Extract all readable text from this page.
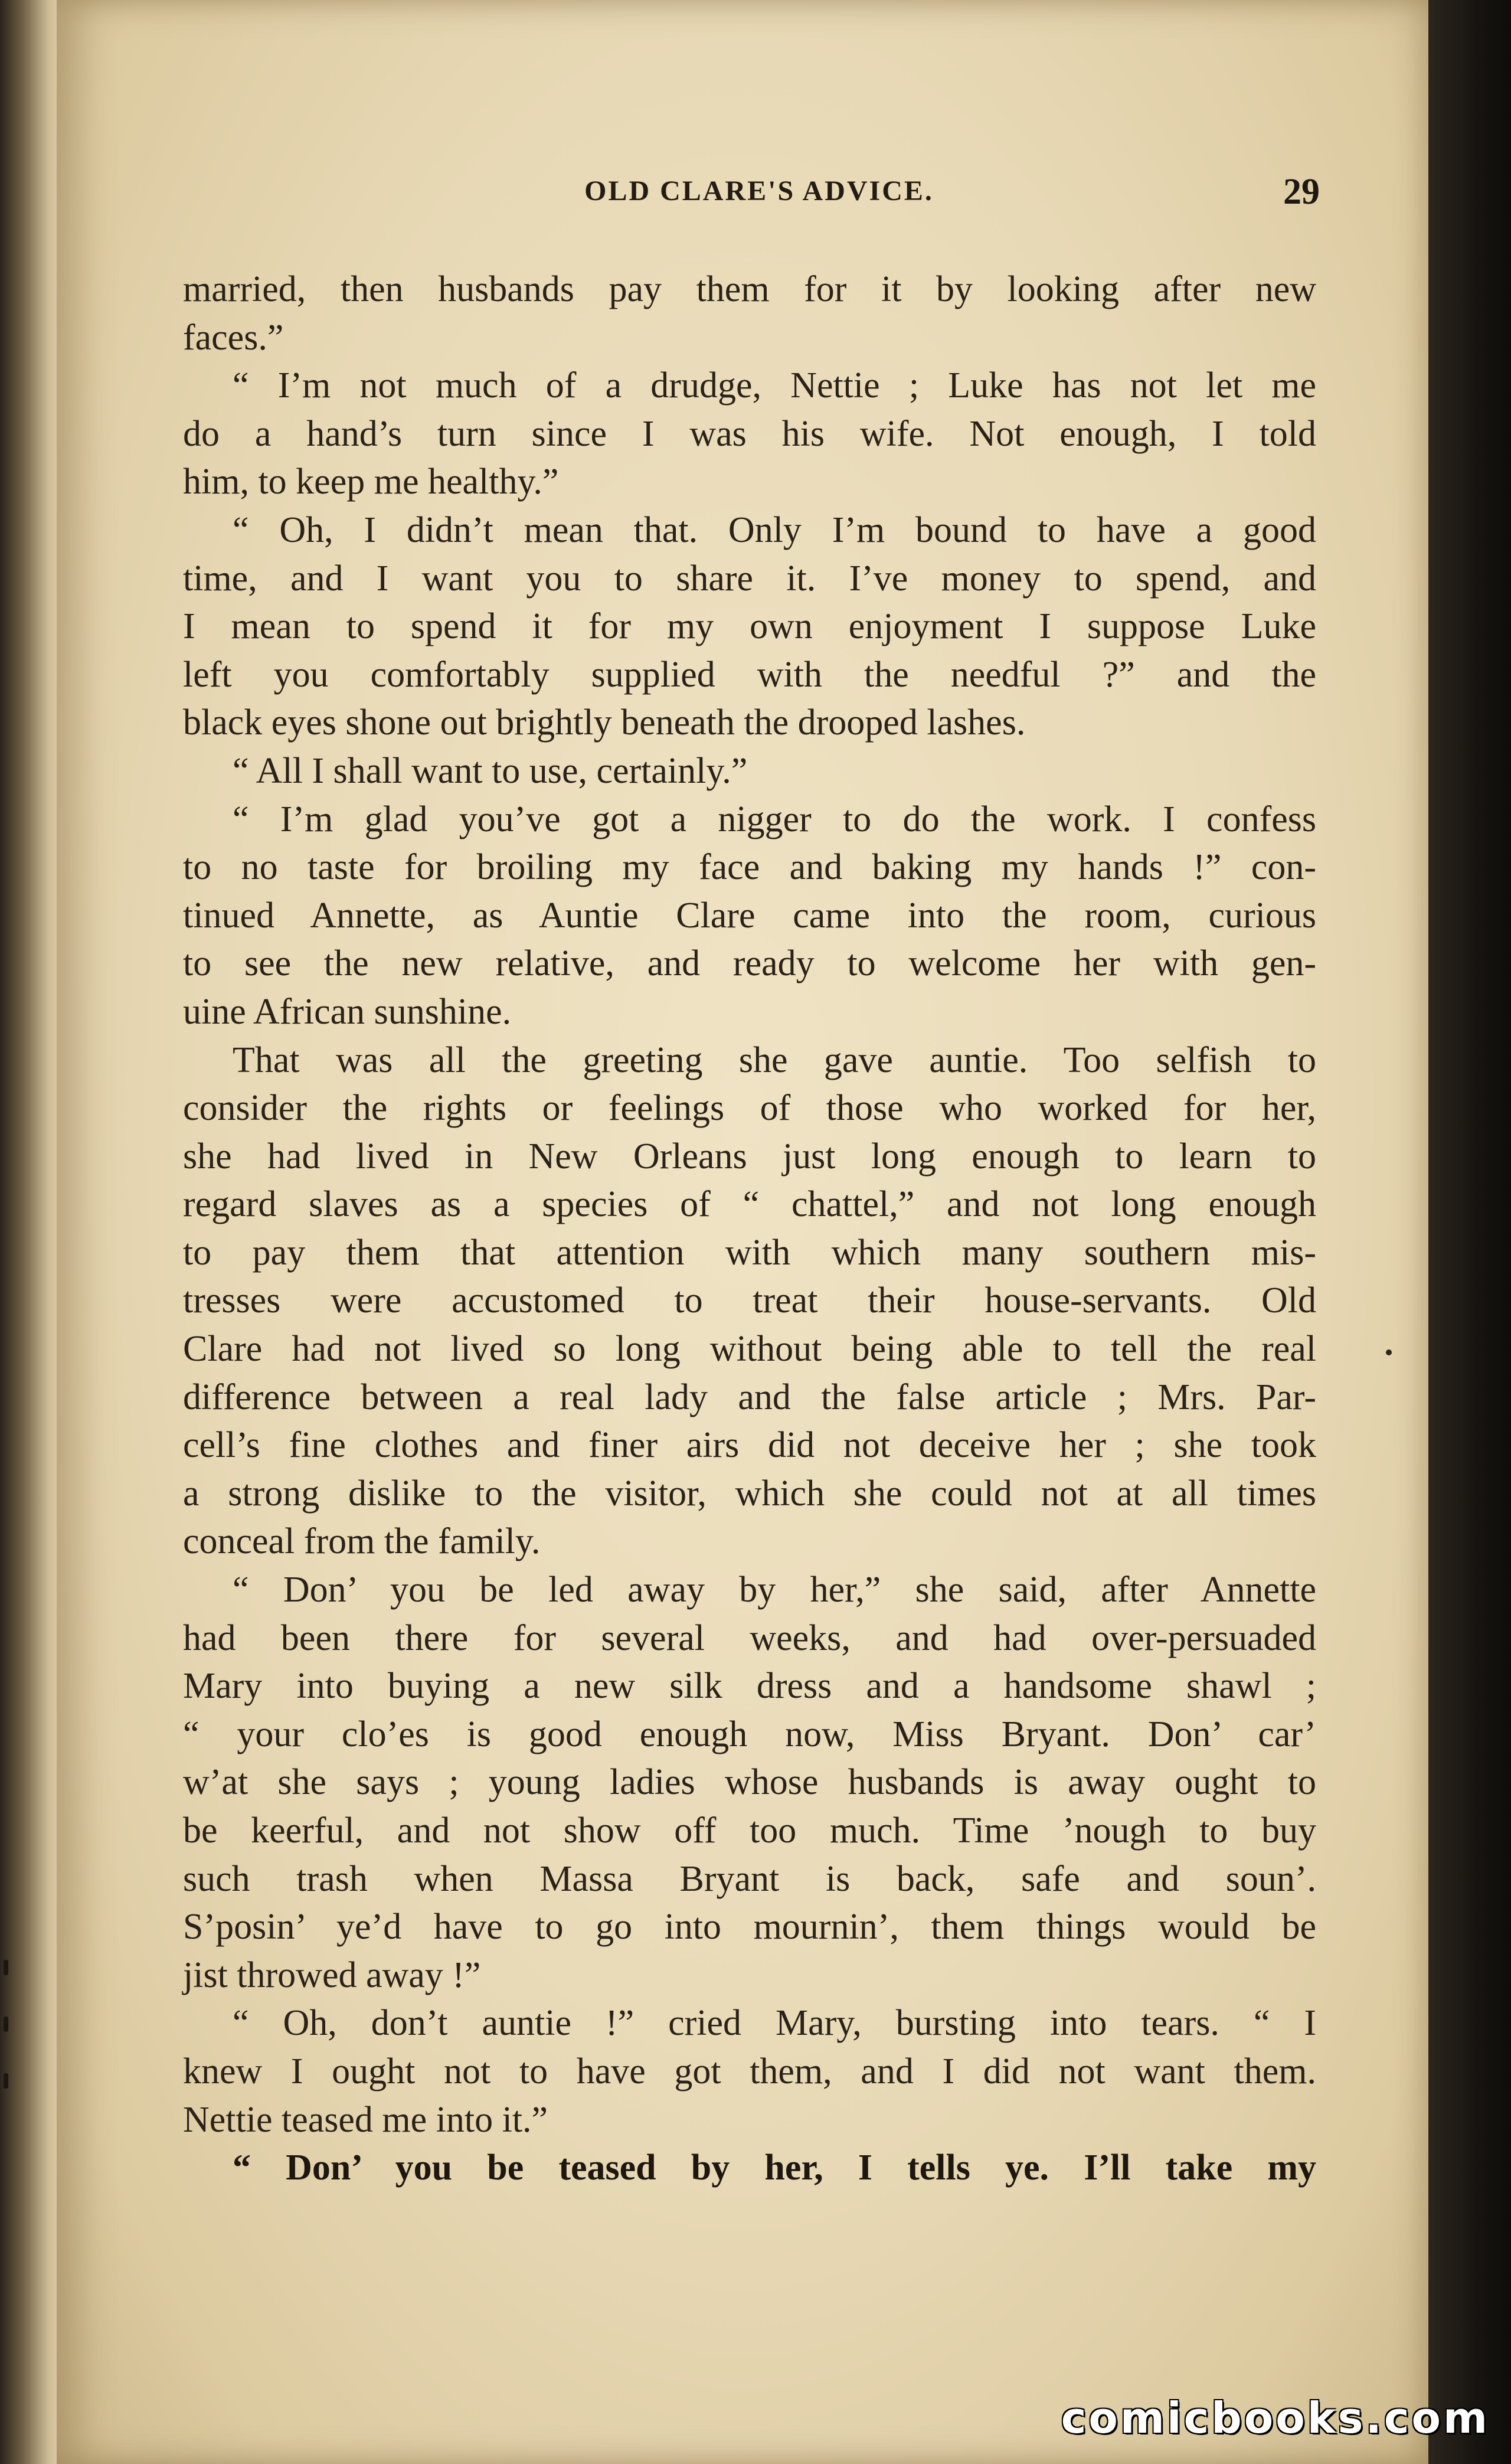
OLD CLARE'S ADVICE.	29
married, then husbands pay them for it by looking after new
faces.”
“ I’m not much of a drudge, Nettie ; Luke has not let me
do a hand’s turn since I was his wife. Not enough, I told
him, to keep me healthy.”
“ Oh, I didn’t mean that. Only I’m bound to have a good
time, and I want you to share it. I’ve money to spend, and
I mean to spend it for my own enjoyment I suppose Luke
left you comfortably supplied with the needful ?” and the
black eyes shone out brightly beneath the drooped lashes.
“ All I shall want to use, certainly.”
“ I’m glad you’ve got a nigger to do the work. I confess
to no taste for broiling my face and baking my hands !” con-
tinued Annette, as Auntie Clare came into the room, curious
to see the new relative, and ready to welcome her with gen-
uine African sunshine.
That was all the greeting she gave auntie. Too selfish to
consider the rights or feelings of those who worked for her,
she had lived in New Orleans just long enough to learn to
regard slaves as a species of “ chattel,” and not long enough
to pay them that attention with which many southern mis-
tresses were accustomed to treat their house-servants. Old
Clare had not lived so long without being able to tell the real
difference between a real lady and the false article ; Mrs. Par-
cell’s fine clothes and finer airs did not deceive her ; she took
a strong dislike to the visitor, which she could not at all times
conceal from the family.
“ Don’ you be led away by her,” she said, after Annette
had been there for several weeks, and had over-persuaded
Mary into buying a new silk dress and a handsome shawl ;
“ your clo’es is good enough now, Miss Bryant. Don’ car’
w’at she says ; young ladies whose husbands is away ought to
be keerful, and not show off too much. Time ’nough to buy
such trash when Massa Bryant is back, safe and soun’.
S’posin’ ye’d have to go into mournin’, them things would be
jist throwed away !”
“ Oh, don’t auntie !” cried Mary, bursting into tears. “ I
knew I ought not to have got them, and I did not want them.
Nettie teased me into it.”
“ Don’ you be teased by her, I tells ye. I’ll take my
comicbooks.com
